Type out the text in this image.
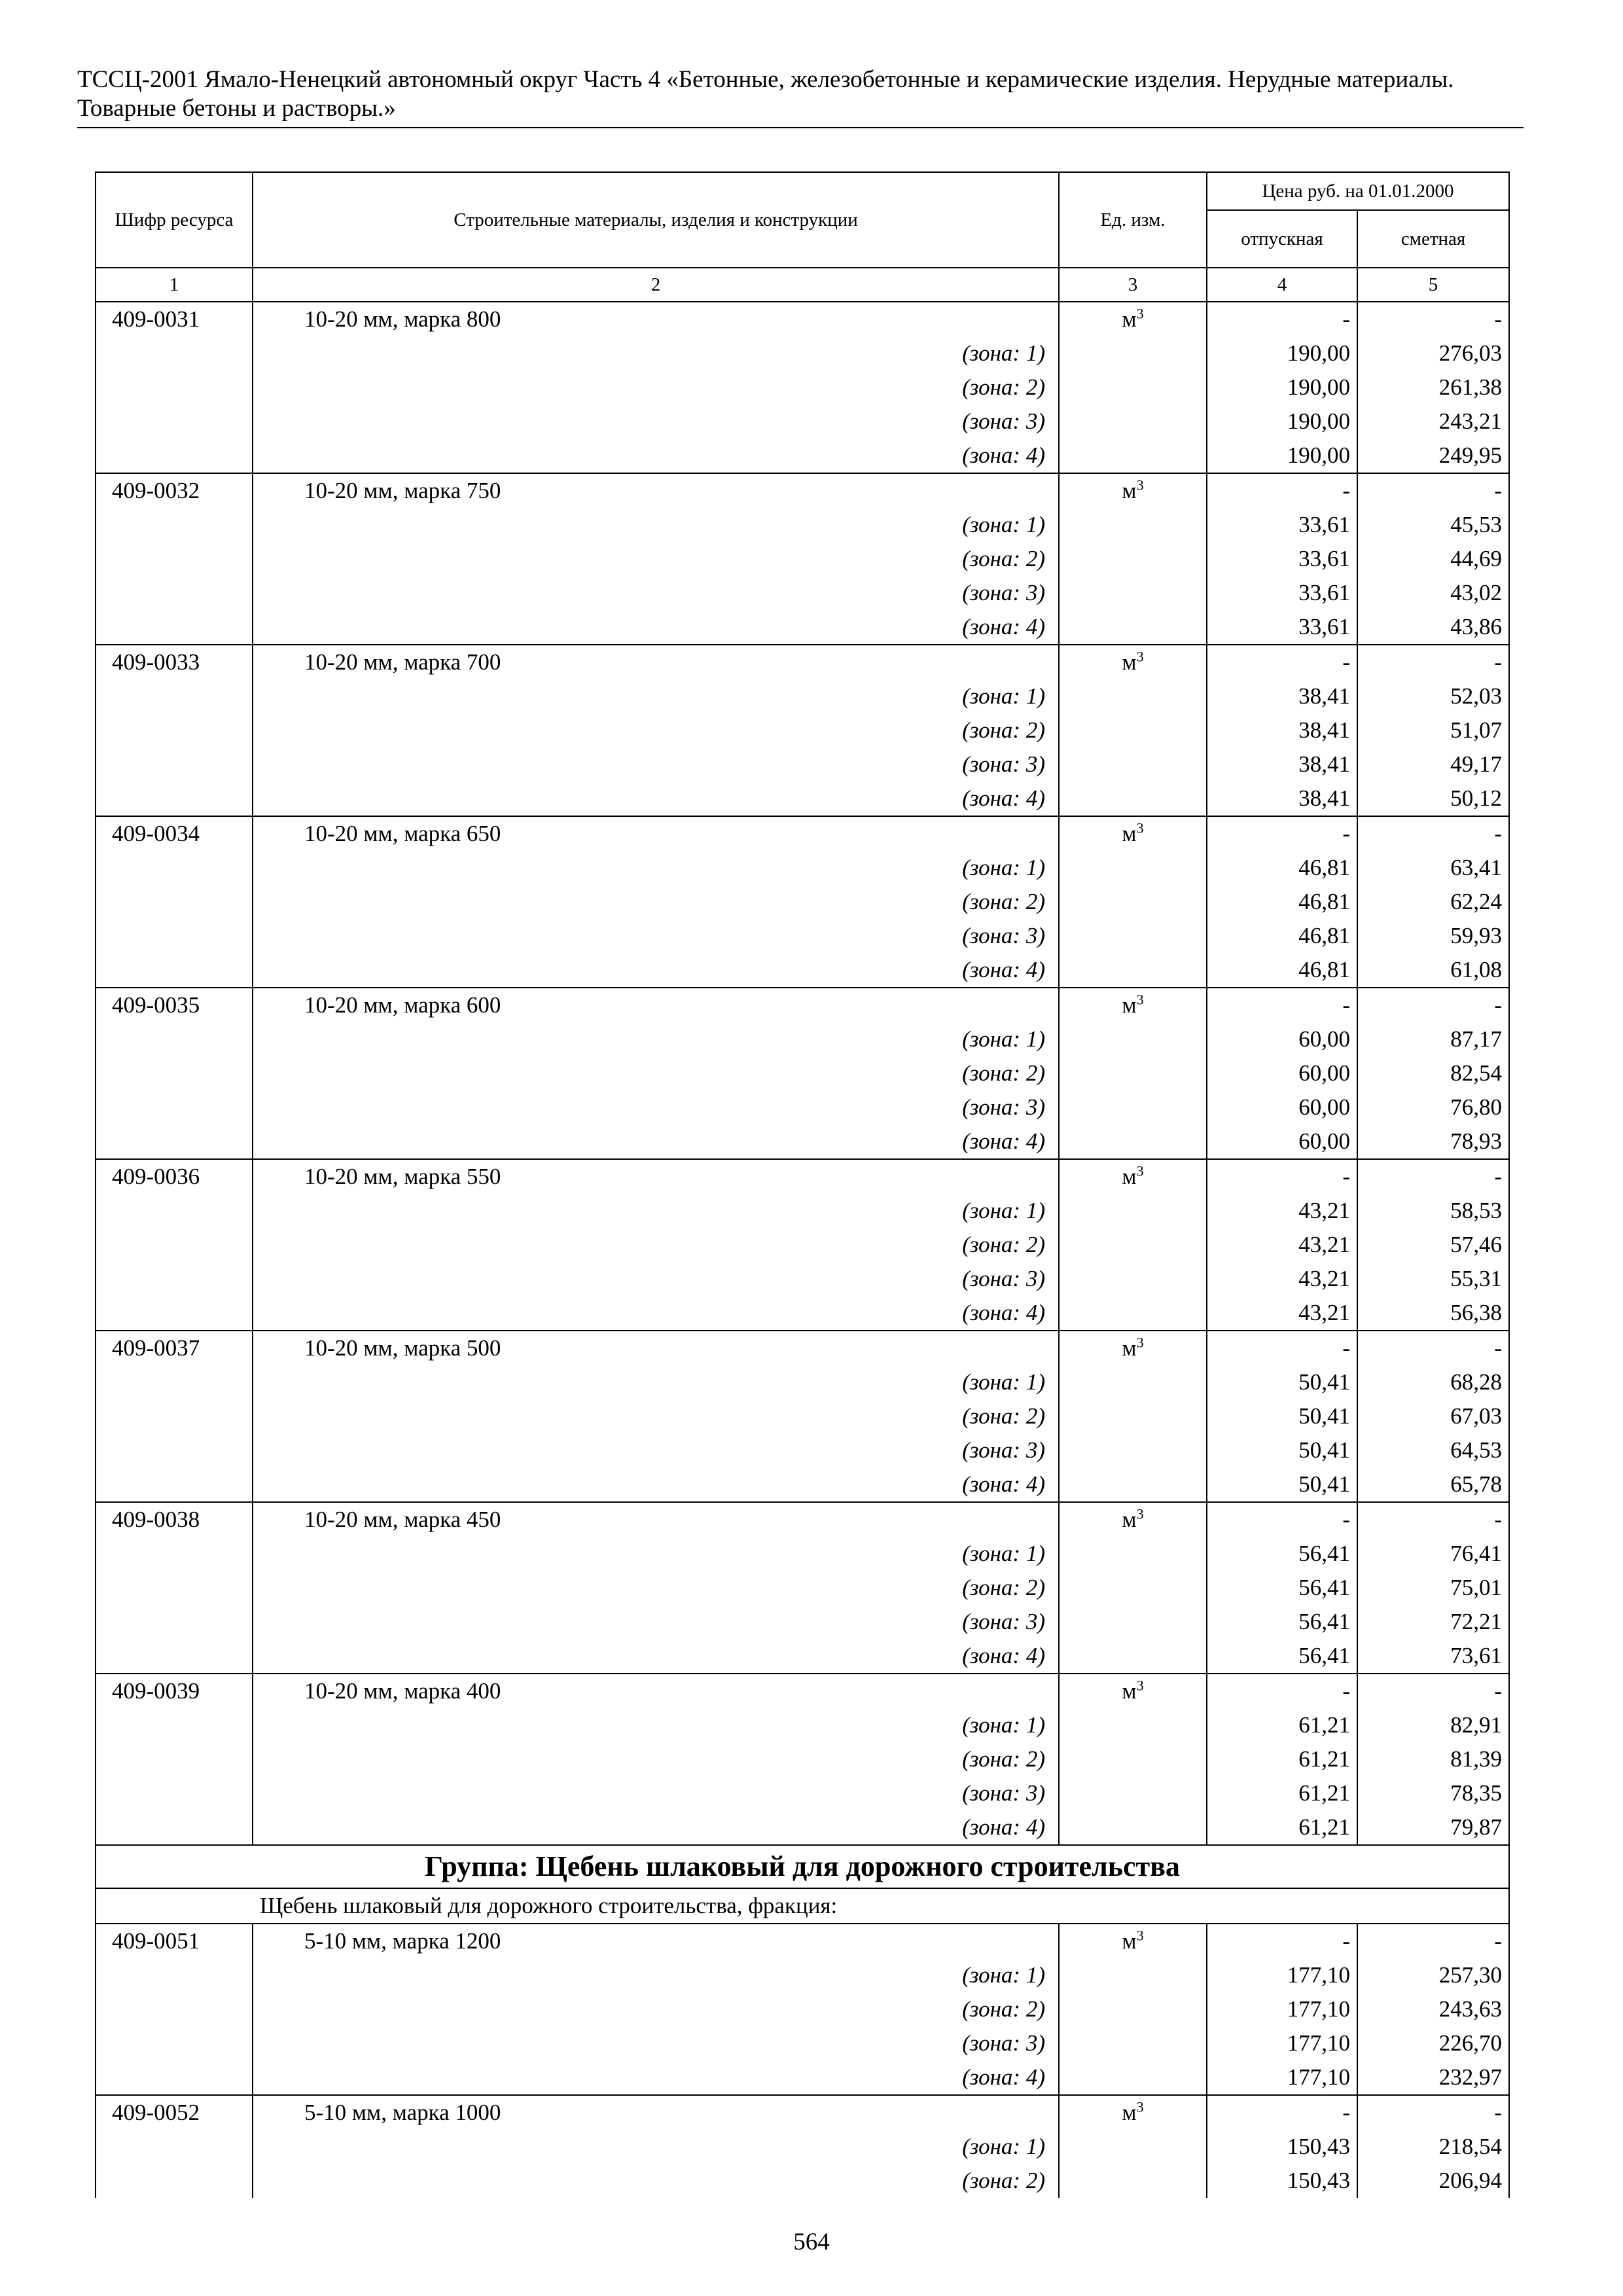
ТССЦ-2001 Ямало-Ненецкий автономный округ Часть 4 «Бетонные, железобетонные и керамические изделия. Нерудные материалы.
Товарные бетоны и растворы.»
Шифр ресурса	Строительные материалы, изделия и конструкции	Ед. изм.	Цена руб. на 01.01.2000	
			отпускная	сметная
1	2	3	4	5
409-0031	10-20 мм, марка 800	$м^3$	-	-
	(зона: 1)		190,00	276,03
	(зона: 2)		190,00	261,38
	(зона: 3)		190,00	243,21
	(зона: 4)		190,00	249,95
409-0032	10-20 мм, марка 750	$м^3$	-	-
	(зона: 1)		33,61	45,53
	(зона: 2)		33,61	44,69
	(зона: 3)		33,61	43,02
	(зона: 4)		33,61	43,86
409-0033	10-20 мм, марка 700	$м^3$	-	-
	(зона: 1)		38,41	52,03
	(зона: 2)		38,41	51,07
	(зона: 3)		38,41	49,17
	(зона: 4)		38,41	50,12
409-0034	10-20 мм, марка 650	$м^3$	-	-
	(зона: 1)		46,81	63,41
	(зона: 2)		46,81	62,24
	(зона: 3)		46,81	59,93
	(зона: 4)		46,81	61,08
409-0035	10-20 мм, марка 600	$м^3$	-	-
	(зона: 1)		60,00	87,17
	(зона: 2)		60,00	82,54
	(зона: 3)		60,00	76,80
	(зона: 4)		60,00	78,93
409-0036	10-20 мм, марка 550	$м^3$	-	-
	(зона: 1)		43,21	58,53
	(зона: 2)		43,21	57,46
	(зона: 3)		43,21	55,31
	(зона: 4)		43,21	56,38
409-0037	10-20 мм, марка 500	$м^3$	-	-
	(зона: 1)		50,41	68,28
	(зона: 2)		50,41	67,03
	(зона: 3)		50,41	64,53
	(зона: 4)		50,41	65,78
409-0038	10-20 мм, марка 450	$м^3$	-	-
	(зона: 1)		56,41	76,41
	(зона: 2)		56,41	75,01
	(зона: 3)		56,41	72,21
	(зона: 4)		56,41	73,61
409-0039	10-20 мм, марка 400	$м^3$	-	-
	(зона: 1)		61,21	82,91
	(зона: 2)		61,21	81,39
	(зона: 3)		61,21	78,35
	(зона: 4)		61,21	79,87
Группа: Щебень шлаковый для дорожного строительства				
Щебень шлаковый для дорожного строительства, фракция:				
409-0051	5-10 мм, марка 1200	$м^3$	-	-
	(зона: 1)		177,10	257,30
	(зона: 2)		177,10	243,63
	(зона: 3)		177,10	226,70
	(зона: 4)		177,10	232,97
409-0052	5-10 мм, марка 1000	$м^3$	-	-
	(зона: 1)		150,43	218,54
	(зона: 2)		150,43	206,94
564
